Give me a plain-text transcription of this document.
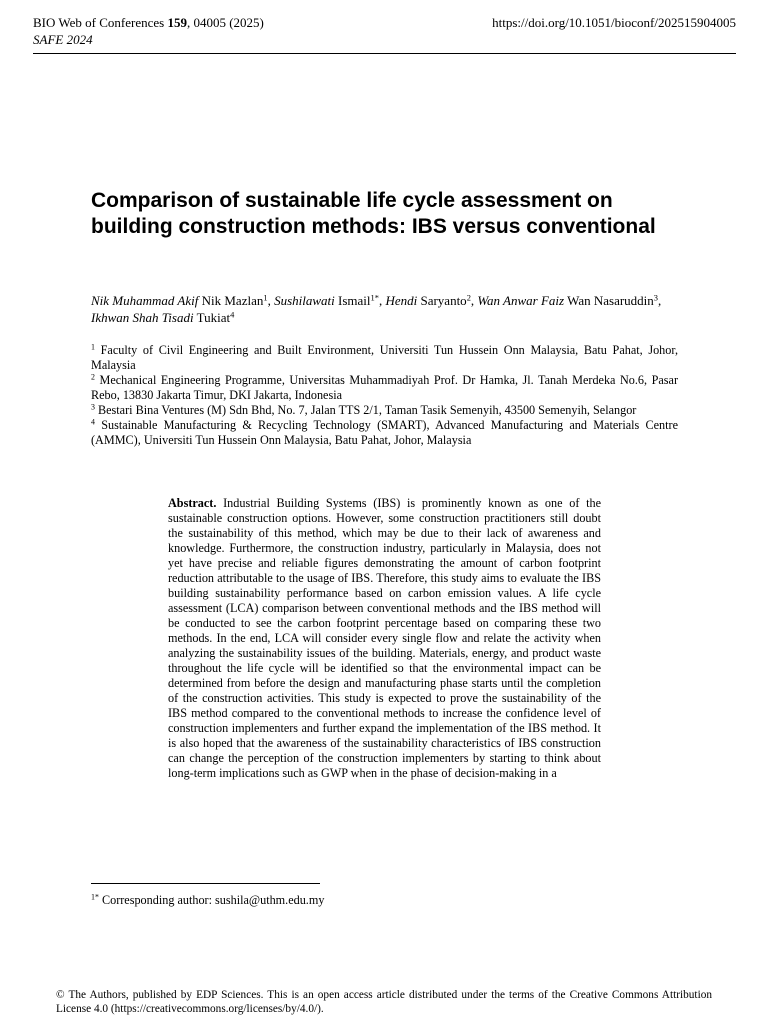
BIO Web of Conferences 159, 04005 (2025)
SAFE 2024
https://doi.org/10.1051/bioconf/202515904005
Comparison of sustainable life cycle assessment on building construction methods: IBS versus conventional
Nik Muhammad Akif Nik Mazlan$^1$, Sushilawati Ismail$^{1*}$, Hendi Saryanto$^2$, Wan Anwar Faiz Wan Nasaruddin$^3$, Ikhwan Shah Tisadi Tukiat$^4$

$^1$ Faculty of Civil Engineering and Built Environment, Universiti Tun Hussein Onn Malaysia, Batu Pahat, Johor, Malaysia

$^2$ Mechanical Engineering Programme, Universitas Muhammadiyah Prof. Dr Hamka, Jl. Tanah Merdeka No.6, Pasar Rebo, 13830 Jakarta Timur, DKI Jakarta, Indonesia

$^3$ Bestari Bina Ventures (M) Sdn Bhd, No. 7, Jalan TTS 2/1, Taman Tasik Semenyih, 43500 Semenyih, Selangor

$^4$ Sustainable Manufacturing & Recycling Technology (SMART), Advanced Manufacturing and Materials Centre (AMMC), Universiti Tun Hussein Onn Malaysia, Batu Pahat, Johor, Malaysia

Abstract. Industrial Building Systems (IBS) is prominently known as one of the sustainable construction options. However, some construction practitioners still doubt the sustainability of this method, which may be due to their lack of awareness and knowledge. Furthermore, the construction industry, particularly in Malaysia, does not yet have precise and reliable figures demonstrating the amount of carbon footprint reduction attributable to the usage of IBS. Therefore, this study aims to evaluate the IBS building sustainability performance based on carbon emission values. A life cycle assessment (LCA) comparison between conventional methods and the IBS method will be conducted to see the carbon footprint percentage based on comparing these two methods. In the end, LCA will consider every single flow and relate the activity when analyzing the sustainability issues of the building. Materials, energy, and product waste throughout the life cycle will be identified so that the environmental impact can be determined from before the design and manufacturing phase starts until the completion of the construction activities. This study is expected to prove the sustainability of the IBS method compared to the conventional methods to increase the confidence level of construction implementers and further expand the implementation of the IBS method. It is also hoped that the awareness of the sustainability characteristics of IBS construction can change the perception of the construction implementers by starting to think about long-term implications such as GWP when in the phase of decision-making in a

$^{1*}$ Corresponding author: sushila@uthm.edu.my
© The Authors, published by EDP Sciences. This is an open access article distributed under the terms of the Creative Commons Attribution License 4.0 (https://creativecommons.org/licenses/by/4.0/).
